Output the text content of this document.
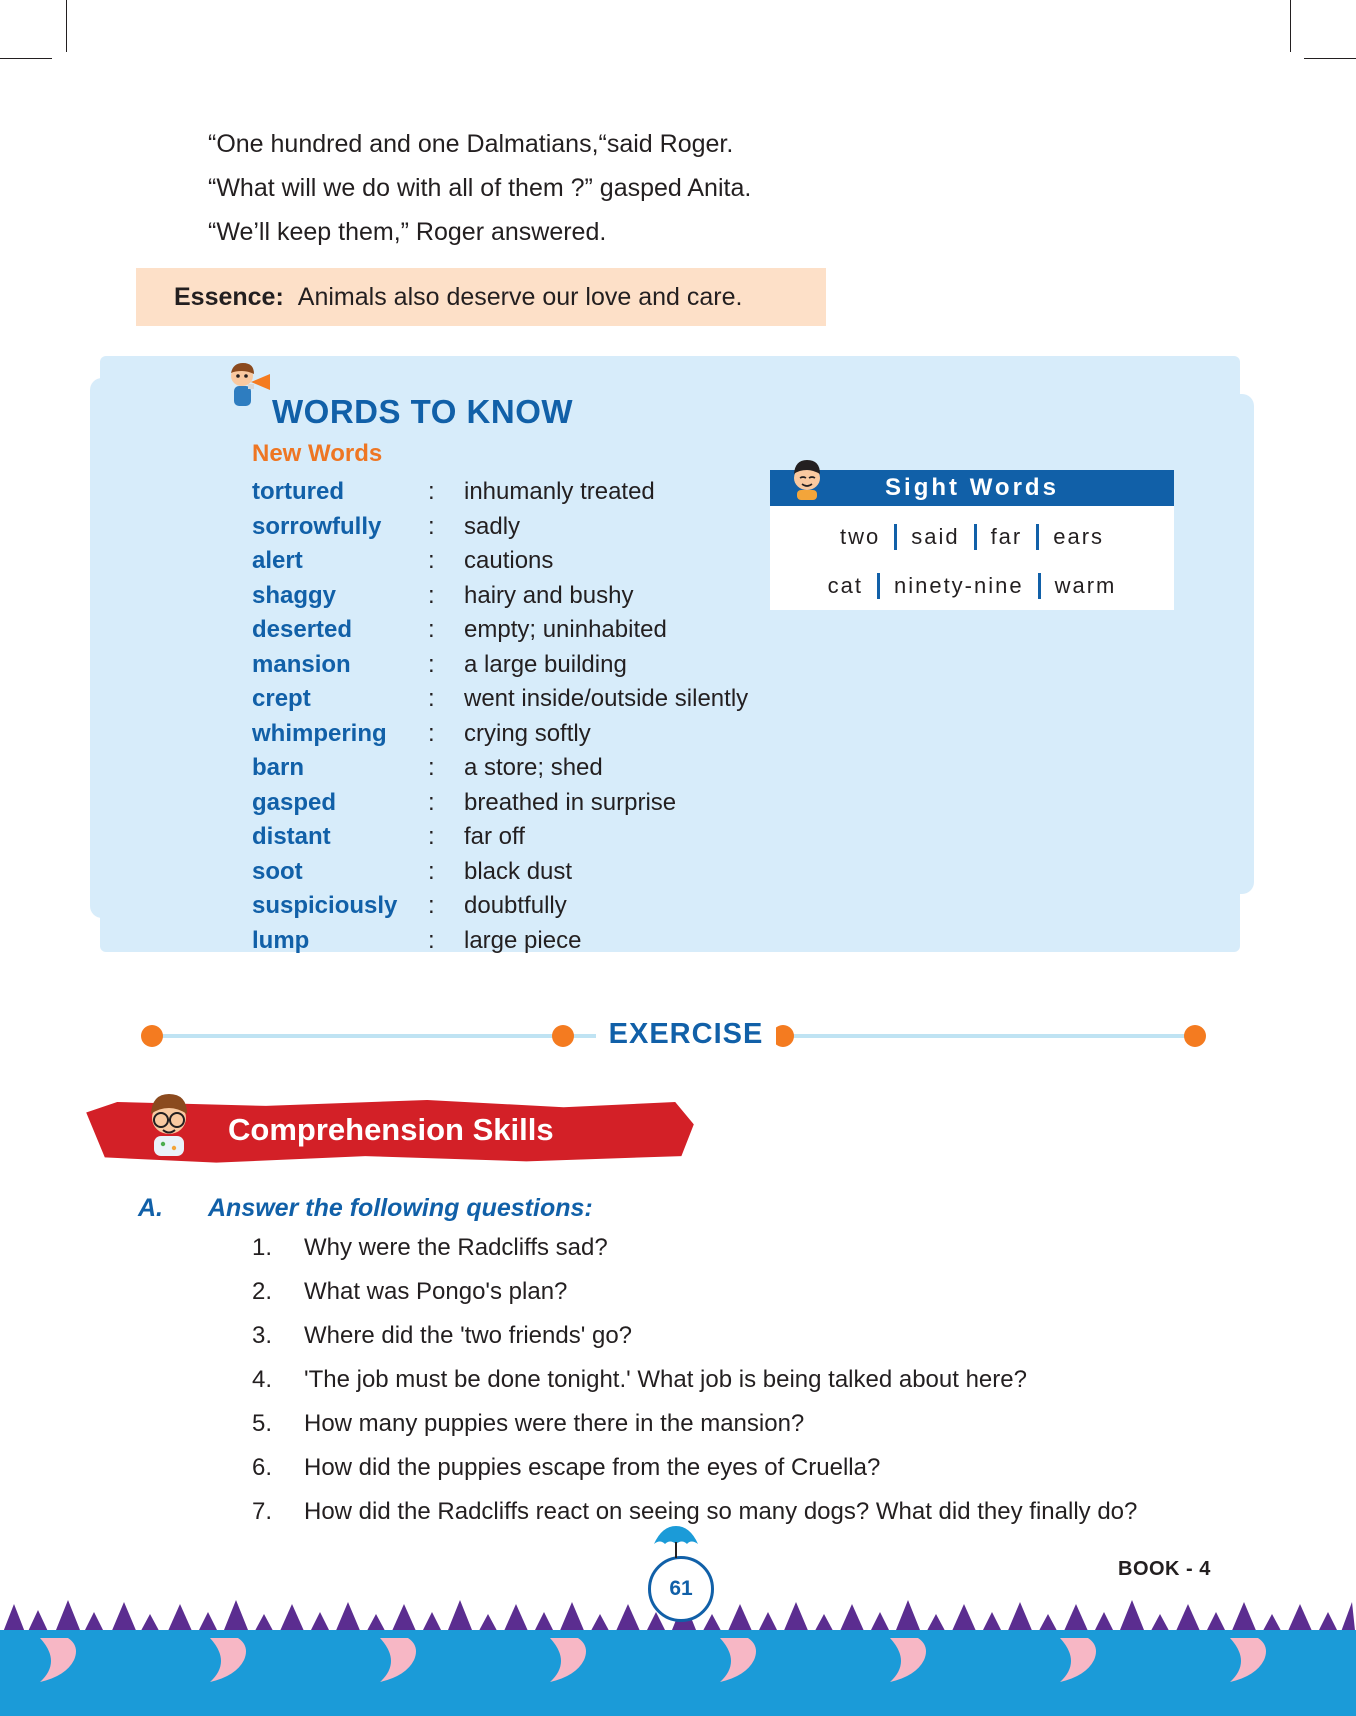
“One hundred and one Dalmatians,“said Roger.
“What will we do with all of them ?” gasped Anita.
“We’ll keep them,” Roger answered.
Essence: Animals also deserve our love and care.
WORDS TO KNOW
New Words
tortured	:	inhumanly treated
sorrowfully	:	sadly
alert	:	cautions
shaggy	:	hairy and bushy
deserted	:	empty; uninhabited
mansion	:	a large building
crept	:	went inside/outside silently
whimpering	:	crying softly
barn	:	a store; shed
gasped	:	breathed in surprise
distant	:	far off
soot	:	black dust
suspiciously	:	doubtfully
lump	:	large piece
Sight Words
two	said	far	ears
cat	ninety-nine	warm
EXERCISE
Comprehension Skills
A. Answer the following questions:
1.	Why were the Radcliffs sad?
2.	What was Pongo's plan?
3.	Where did the 'two friends' go?
4.	'The job must be done tonight.' What job is being talked about here?
5.	How many puppies were there in the mansion?
6.	How did the puppies escape from the eyes of Cruella?
7.	How did the Radcliffs react on seeing so many dogs? What did they finally do?
61
BOOK - 4
